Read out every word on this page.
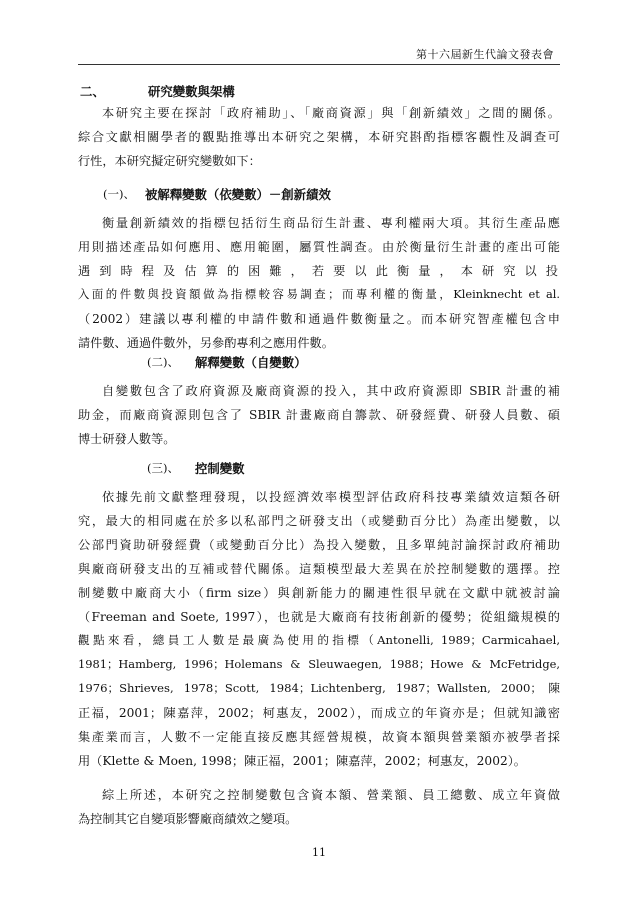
第十六屆新生代論文發表會
二、	研究變數與架構
本研究主要在探討「政府補助」、「廠商資源」與「創新績效」之間的關係。
綜合文獻相關學者的觀點推導出本研究之架構，本研究斟酌指標客觀性及調查可
行性，本研究擬定研究變數如下：
(一)、 被解釋變數（依變數）－創新績效
衡量創新績效的指標包括衍生商品衍生計畫、專利權兩大項。其衍生產品應
用則描述產品如何應用、應用範圍，屬質性調查。由於衡量衍生計畫的產出可能
遇到時程及估算的困難，若要以此衡量，本研究以投
入面的件數與投資額做為指標較容易調查；而專利權的衡量，Kleinknecht et al.
（2002）建議以專利權的申請件數和通過件數衡量之。而本研究智產權包含申
請件數、通過件數外，另參酌專利之應用件數。
(二)、 解釋變數（自變數）
自變數包含了政府資源及廠商資源的投入，其中政府資源即 SBIR 計畫的補
助金，而廠商資源則包含了 SBIR 計畫廠商自籌款、研發經費、研發人員數、碩
博士研發人數等。
(三)、 控制變數
依據先前文獻整理發現，以投經濟效率模型評估政府科技專業績效這類各研
究，最大的相同處在於多以私部門之研發支出（或變動百分比）為產出變數，以
公部門資助研發經費（或變動百分比）為投入變數，且多單純討論探討政府補助
與廠商研發支出的互補或替代關係。這類模型最大差異在於控制變數的選擇。控
制變數中廠商大小（firm size）與創新能力的關連性很早就在文獻中就被討論
（Freeman and Soete, 1997），也就是大廠商有技術創新的優勢；從組織規模的
觀點來看，總員工人數是最廣為使用的指標（Antonelli, 1989；Carmicahael,
1981；Hamberg, 1996；Holemans & Sleuwaegen, 1988；Howe & McFetridge,
1976；Shrieves, 1978；Scott, 1984；Lichtenberg, 1987；Wallsten, 2000；陳
正福，2001；陳嘉萍，2002；柯惠友，2002），而成立的年資亦是；但就知識密
集產業而言，人數不一定能直接反應其經營規模，故資本額與營業額亦被學者採
用（Klette & Moen, 1998；陳正福，2001；陳嘉萍，2002；柯惠友，2002）。
綜上所述，本研究之控制變數包含資本額、營業額、員工總數、成立年資做
為控制其它自變項影響廠商績效之變項。
11
